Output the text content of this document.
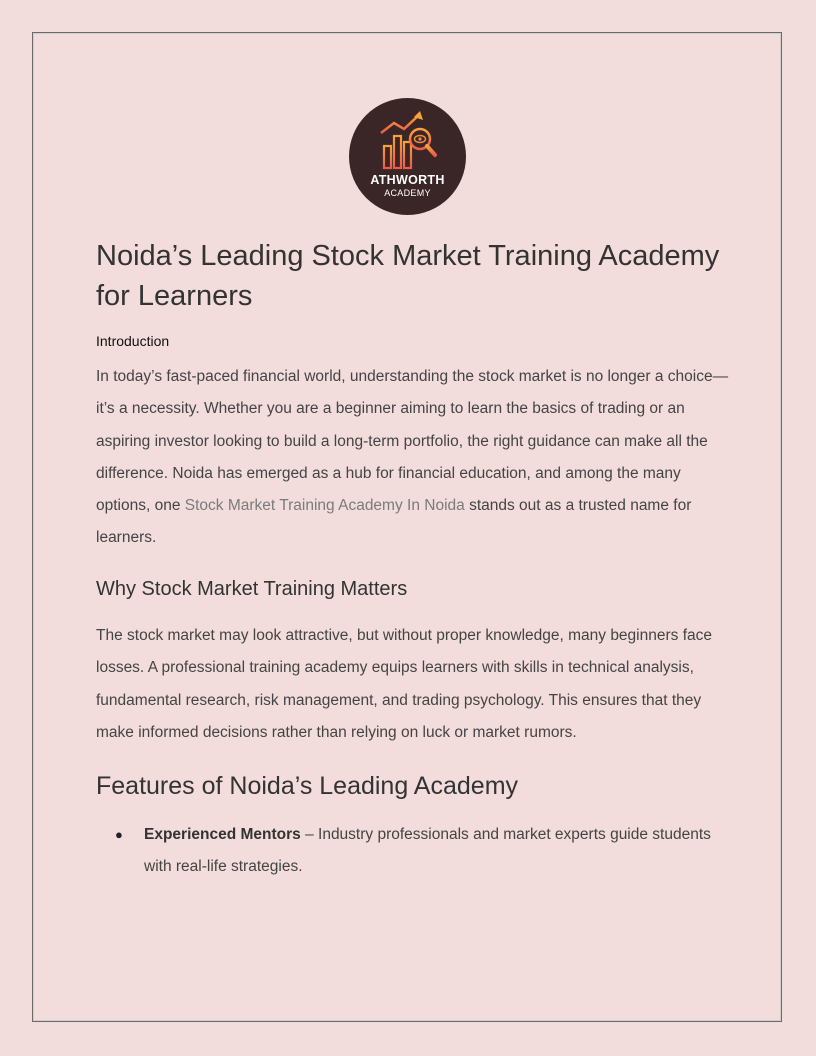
ATHWORTH
ACADEMY
Noida’s Leading Stock Market Training Academy for Learners

Introduction

In today’s fast-paced financial world, understanding the stock market is no longer a choice—it’s a necessity. Whether you are a beginner aiming to learn the basics of trading or an aspiring investor looking to build a long-term portfolio, the right guidance can make all the difference. Noida has emerged as a hub for financial education, and among the many options, one Stock Market Training Academy In Noida stands out as a trusted name for learners.

Why Stock Market Training Matters

The stock market may look attractive, but without proper knowledge, many beginners face losses. A professional training academy equips learners with skills in technical analysis, fundamental research, risk management, and trading psychology. This ensures that they make informed decisions rather than relying on luck or market rumors.

Features of Noida’s Leading Academy
● Experienced Mentors – Industry professionals and market experts guide students with real-life strategies.
